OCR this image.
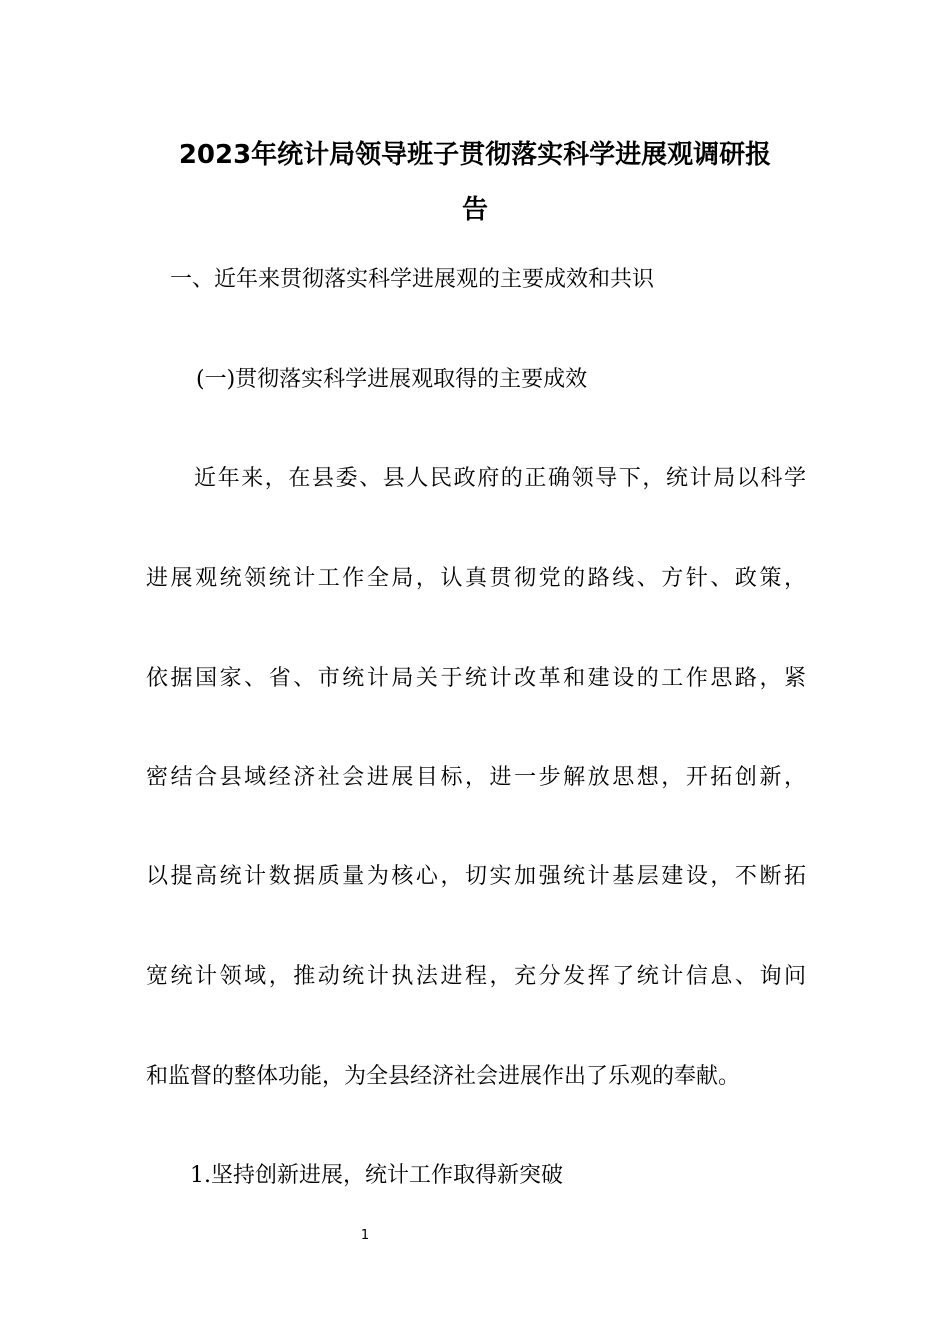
2023年统计局领导班子贯彻落实科学进展观调研报
告
一、近年来贯彻落实科学进展观的主要成效和共识
(一)贯彻落实科学进展观取得的主要成效
近年来，在县委、县人民政府的正确领导下，统计局以科学
进展观统领统计工作全局，认真贯彻党的路线、方针、政策，
依据国家、省、市统计局关于统计改革和建设的工作思路，紧
密结合县域经济社会进展目标，进一步解放思想，开拓创新，
以提高统计数据质量为核心，切实加强统计基层建设，不断拓
宽统计领域，推动统计执法进程，充分发挥了统计信息、询问
和监督的整体功能，为全县经济社会进展作出了乐观的奉献。
1.坚持创新进展，统计工作取得新突破
1
